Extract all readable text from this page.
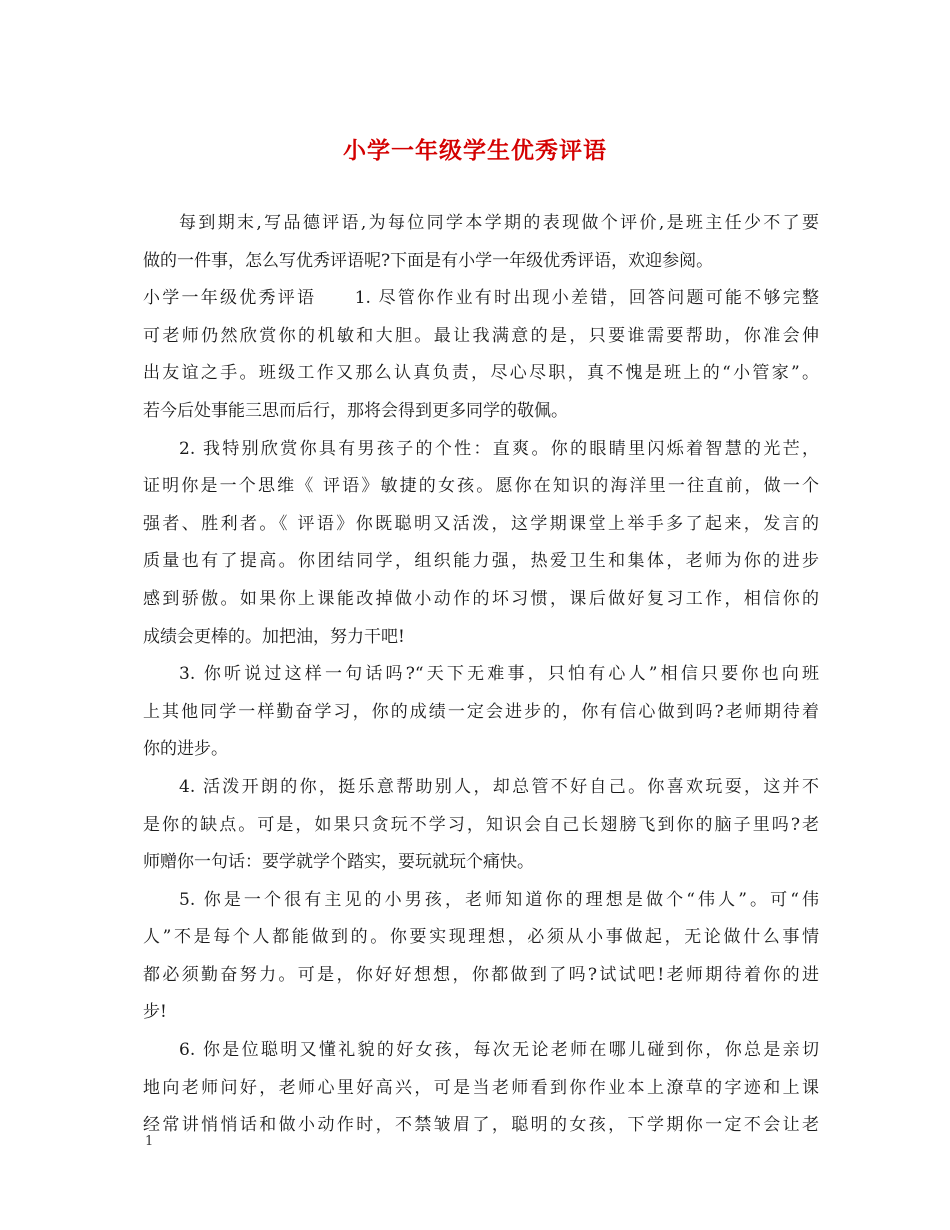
小学一年级学生优秀评语
每到期末,写品德评语,为每位同学本学期的表现做个评价,是班主任少不了要
做的一件事，怎么写优秀评语呢?下面是有小学一年级优秀评语，欢迎参阅。
小学一年级优秀评语　　1. 尽管你作业有时出现小差错，回答问题可能不够完整
可老师仍然欣赏你的机敏和大胆。最让我满意的是，只要谁需要帮助，你准会伸
出友谊之手。班级工作又那么认真负责，尽心尽职，真不愧是班上的“小管家”。
若今后处事能三思而后行，那将会得到更多同学的敬佩。
2. 我特别欣赏你具有男孩子的个性：直爽。你的眼睛里闪烁着智慧的光芒，
证明你是一个思维《 评语》敏捷的女孩。愿你在知识的海洋里一往直前，做一个
强者、胜利者。《 评语》你既聪明又活泼，这学期课堂上举手多了起来，发言的
质量也有了提高。你团结同学，组织能力强，热爱卫生和集体，老师为你的进步
感到骄傲。如果你上课能改掉做小动作的坏习惯，课后做好复习工作，相信你的
成绩会更棒的。加把油，努力干吧!
3. 你听说过这样一句话吗?“天下无难事，只怕有心人”相信只要你也向班
上其他同学一样勤奋学习，你的成绩一定会进步的，你有信心做到吗?老师期待着
你的进步。
4. 活泼开朗的你，挺乐意帮助别人，却总管不好自己。你喜欢玩耍，这并不
是你的缺点。可是，如果只贪玩不学习，知识会自己长翅膀飞到你的脑子里吗?老
师赠你一句话：要学就学个踏实，要玩就玩个痛快。
5. 你是一个很有主见的小男孩，老师知道你的理想是做个“伟人”。可“伟
人”不是每个人都能做到的。你要实现理想，必须从小事做起，无论做什么事情
都必须勤奋努力。可是，你好好想想，你都做到了吗?试试吧!老师期待着你的进
步!
6. 你是位聪明又懂礼貌的好女孩，每次无论老师在哪儿碰到你，你总是亲切
地向老师问好，老师心里好高兴，可是当老师看到你作业本上潦草的字迹和上课
经常讲悄悄话和做小动作时，不禁皱眉了，聪明的女孩，下学期你一定不会让老
1
